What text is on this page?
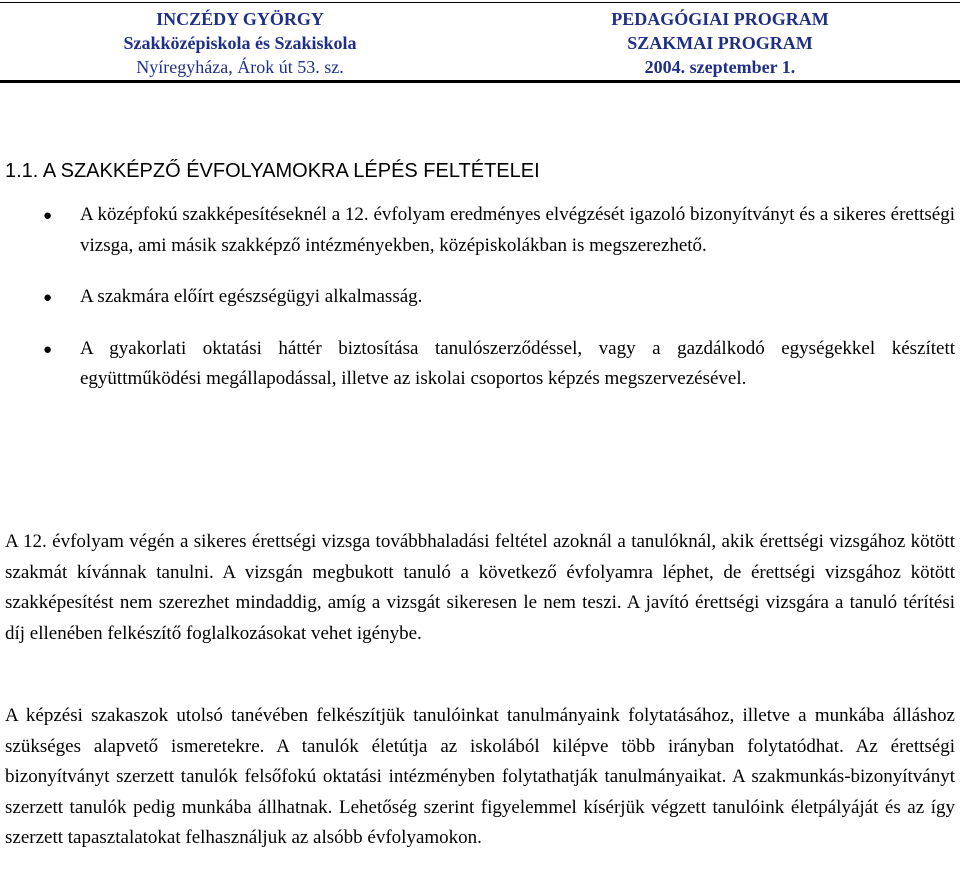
INCZÉDY GYÖRGY
Szakközépiskola és Szakiskola
Nyíregyháza, Árok út 53. sz.
PEDAGÓGIAI PROGRAM
SZAKMAI PROGRAM
2004. szeptember 1.
1.1. A SZAKKÉPZŐ ÉVFOLYAMOKRA LÉPÉS FELTÉTELEI
● A középfokú szakképesítéseknél a 12. évfolyam eredményes elvégzését igazoló bizonyítványt és a sikeres érettségi vizsga, ami másik szakképző intézményekben, középiskolákban is megszerezhető.
● A szakmára előírt egészségügyi alkalmasság.
● A gyakorlati oktatási háttér biztosítása tanulószerződéssel, vagy a gazdálkodó egységekkel készített együttműködési megállapodással, illetve az iskolai csoportos képzés megszervezésével.

A 12. évfolyam végén a sikeres érettségi vizsga továbbhaladási feltétel azoknál a tanulóknál, akik érettségi vizsgához kötött szakmát kívánnak tanulni. A vizsgán megbukott tanuló a következő évfolyamra léphet, de érettségi vizsgához kötött szakképesítést nem szerezhet mindaddig, amíg a vizsgát sikeresen le nem teszi. A javító érettségi vizsgára a tanuló térítési díj ellenében felkészítő foglalkozásokat vehet igénybe.

A képzési szakaszok utolsó tanévében felkészítjük tanulóinkat tanulmányaink folytatásához, illetve a munkába álláshoz szükséges alapvető ismeretekre. A tanulók életútja az iskolából kilépve több irányban folytatódhat. Az érettségi bizonyítványt szerzett tanulók felsőfokú oktatási intézményben folytathatják tanulmányaikat. A szakmunkás-bizonyítványt szerzett tanulók pedig munkába állhatnak. Lehetőség szerint figyelemmel kísérjük végzett tanulóink életpályáját és az így szerzett tapasztalatokat felhasználjuk az alsóbb évfolyamokon.
